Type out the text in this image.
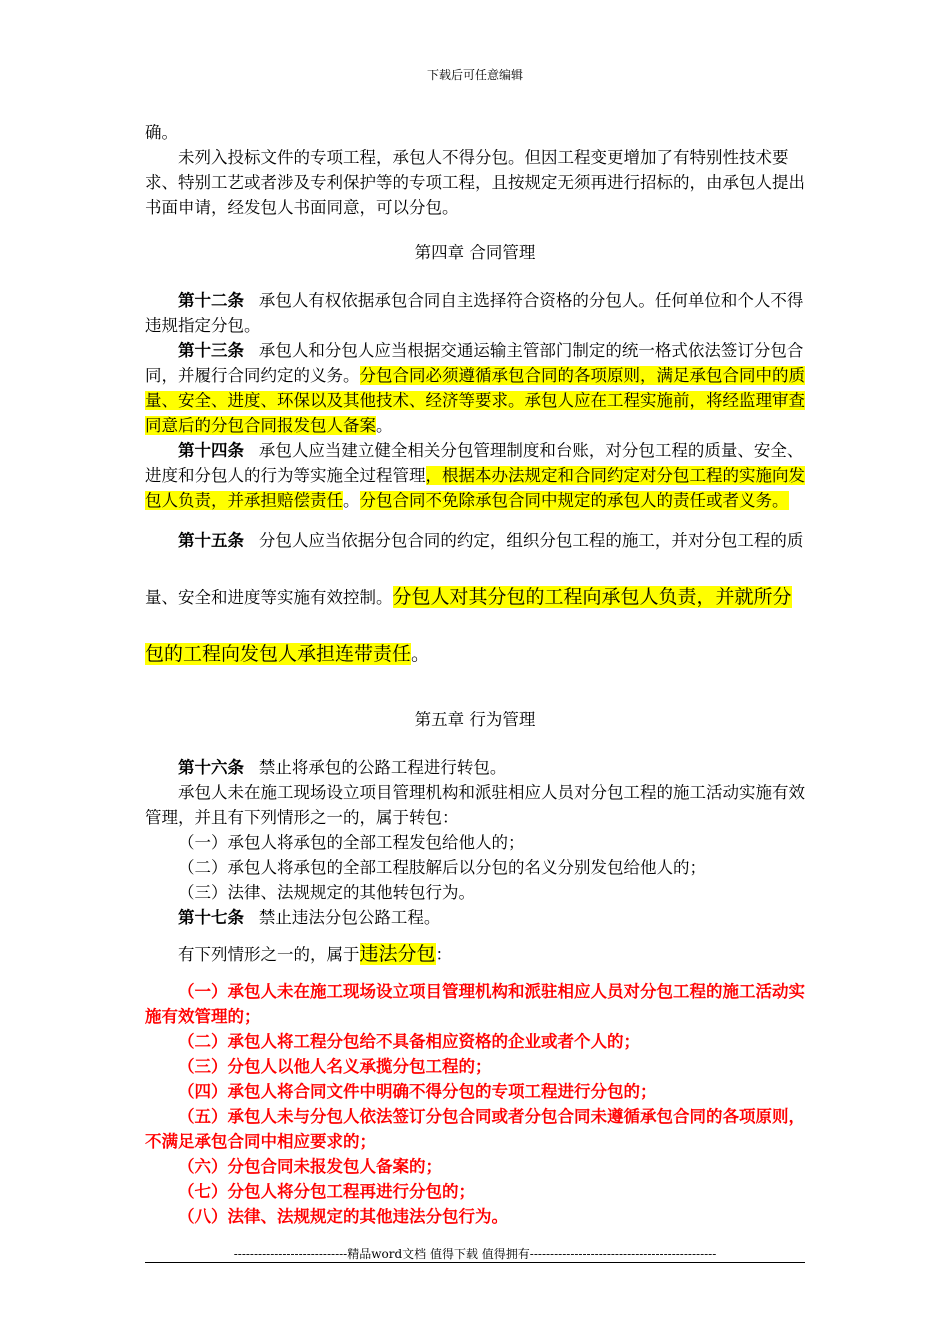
下载后可任意编辑

确。

未列入投标文件的专项工程，承包人不得分包。但因工程变更增加了有特别性技术要求、特别工艺或者涉及专利保护等的专项工程，且按规定无须再进行招标的，由承包人提出书面申请，经发包人书面同意，可以分包。

第四章 合同管理

第十二条 承包人有权依据承包合同自主选择符合资格的分包人。任何单位和个人不得违规指定分包。

第十三条 承包人和分包人应当根据交通运输主管部门制定的统一格式依法签订分包合同，并履行合同约定的义务。分包合同必须遵循承包合同的各项原则，满足承包合同中的质量、安全、进度、环保以及其他技术、经济等要求。承包人应在工程实施前，将经监理审查同意后的分包合同报发包人备案。

第十四条 承包人应当建立健全相关分包管理制度和台账，对分包工程的质量、安全、进度和分包人的行为等实施全过程管理，根据本办法规定和合同约定对分包工程的实施向发包人负责，并承担赔偿责任。分包合同不免除承包合同中规定的承包人的责任或者义务。

第十五条 分包人应当依据分包合同的约定，组织分包工程的施工，并对分包工程的质量、安全和进度等实施有效控制。分包人对其分包的工程向承包人负责，并就所分包的工程向发包人承担连带责任。

第五章 行为管理

第十六条 禁止将承包的公路工程进行转包。

承包人未在施工现场设立项目管理机构和派驻相应人员对分包工程的施工活动实施有效管理，并且有下列情形之一的，属于转包：

（一）承包人将承包的全部工程发包给他人的；

（二）承包人将承包的全部工程肢解后以分包的名义分别发包给他人的；

（三）法律、法规规定的其他转包行为。

第十七条 禁止违法分包公路工程。

有下列情形之一的，属于违法分包：

（一）承包人未在施工现场设立项目管理机构和派驻相应人员对分包工程的施工活动实施有效管理的；

（二）承包人将工程分包给不具备相应资格的企业或者个人的；

（三）分包人以他人名义承揽分包工程的；

（四）承包人将合同文件中明确不得分包的专项工程进行分包的；

（五）承包人未与分包人依法签订分包合同或者分包合同未遵循承包合同的各项原则，不满足承包合同中相应要求的；

（六）分包合同未报发包人备案的；

（七）分包人将分包工程再进行分包的；

（八）法律、法规规定的其他违法分包行为。

----------------------------精品word文档 值得下载 值得拥有----------------------------------------------
